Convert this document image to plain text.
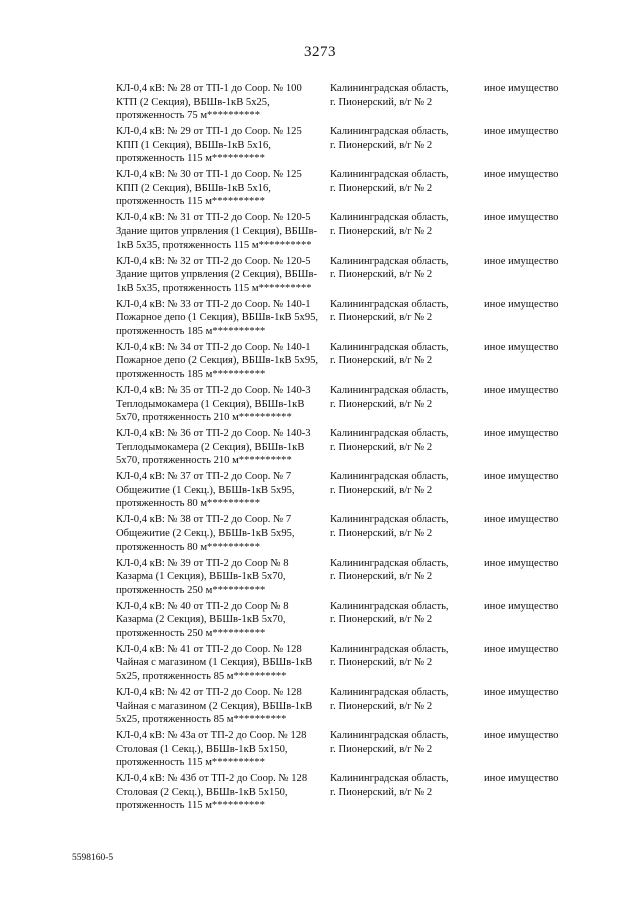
3273
КЛ-0,4 кВ: № 28 от ТП-1 до Соор. № 100
КТП (2 Секция), ВБШв-1кВ 5х25,
протяженность 75 м**********
Калининградская область,
г. Пионерский, в/г № 2
иное имущество
КЛ-0,4 кВ: № 29 от ТП-1 до Соор. № 125
КПП (1 Секция), ВБШв-1кВ 5х16,
протяженность 115 м**********
Калининградская область,
г. Пионерский, в/г № 2
иное имущество
КЛ-0,4 кВ: № 30 от ТП-1 до Соор. № 125
КПП (2 Секция), ВБШв-1кВ 5х16,
протяженность 115 м**********
Калининградская область,
г. Пионерский, в/г № 2
иное имущество
КЛ-0,4 кВ: № 31 от ТП-2 до Соор. № 120-5
Здание щитов упрвления (1 Секция), ВБШв-
1кВ 5х35, протяженность 115 м**********
Калининградская область,
г. Пионерский, в/г № 2
иное имущество
КЛ-0,4 кВ: № 32 от ТП-2 до Соор. № 120-5
Здание щитов упрвления (2 Секция), ВБШв-
1кВ 5х35, протяженность 115 м**********
Калининградская область,
г. Пионерский, в/г № 2
иное имущество
КЛ-0,4 кВ: № 33 от ТП-2 до Соор. № 140-1
Пожарное депо (1 Секция), ВБШв-1кВ 5х95,
протяженность 185 м**********
Калининградская область,
г. Пионерский, в/г № 2
иное имущество
КЛ-0,4 кВ: № 34 от ТП-2 до Соор. № 140-1
Пожарное депо (2 Секция), ВБШв-1кВ 5х95,
протяженность 185 м**********
Калининградская область,
г. Пионерский, в/г № 2
иное имущество
КЛ-0,4 кВ: № 35 от ТП-2 до Соор. № 140-3
Теплодымокамера (1 Секция), ВБШв-1кВ
5х70, протяженность 210 м**********
Калининградская область,
г. Пионерский, в/г № 2
иное имущество
КЛ-0,4 кВ: № 36 от ТП-2 до Соор. № 140-3
Теплодымокамера (2 Секция), ВБШв-1кВ
5х70, протяженность 210 м**********
Калининградская область,
г. Пионерский, в/г № 2
иное имущество
КЛ-0,4 кВ: № 37 от ТП-2 до Соор. № 7
Общежитие (1 Секц.), ВБШв-1кВ 5х95,
протяженность 80 м**********
Калининградская область,
г. Пионерский, в/г № 2
иное имущество
КЛ-0,4 кВ: № 38 от ТП-2 до Соор. № 7
Общежитие (2 Секц.), ВБШв-1кВ 5х95,
протяженность 80 м**********
Калининградская область,
г. Пионерский, в/г № 2
иное имущество
КЛ-0,4 кВ: № 39 от ТП-2 до Соор № 8
Казарма (1 Секция), ВБШв-1кВ 5х70,
протяженность 250 м**********
Калининградская область,
г. Пионерский, в/г № 2
иное имущество
КЛ-0,4 кВ: № 40 от ТП-2 до Соор № 8
Казарма (2 Секция), ВБШв-1кВ 5х70,
протяженность 250 м**********
Калининградская область,
г. Пионерский, в/г № 2
иное имущество
КЛ-0,4 кВ: № 41 от ТП-2 до Соор. № 128
Чайная с магазином (1 Секция), ВБШв-1кВ
5х25, протяженность 85 м**********
Калининградская область,
г. Пионерский, в/г № 2
иное имущество
КЛ-0,4 кВ: № 42 от ТП-2 до Соор. № 128
Чайная с магазином (2 Секция), ВБШв-1кВ
5х25, протяженность 85 м**********
Калининградская область,
г. Пионерский, в/г № 2
иное имущество
КЛ-0,4 кВ: № 43а от ТП-2 до Соор. № 128
Столовая (1 Секц.), ВБШв-1кВ 5х150,
протяженность 115 м**********
Калининградская область,
г. Пионерский, в/г № 2
иное имущество
КЛ-0,4 кВ: № 43б от ТП-2 до Соор. № 128
Столовая (2 Секц.), ВБШв-1кВ 5х150,
протяженность 115 м**********
Калининградская область,
г. Пионерский, в/г № 2
иное имущество
5598160-5
